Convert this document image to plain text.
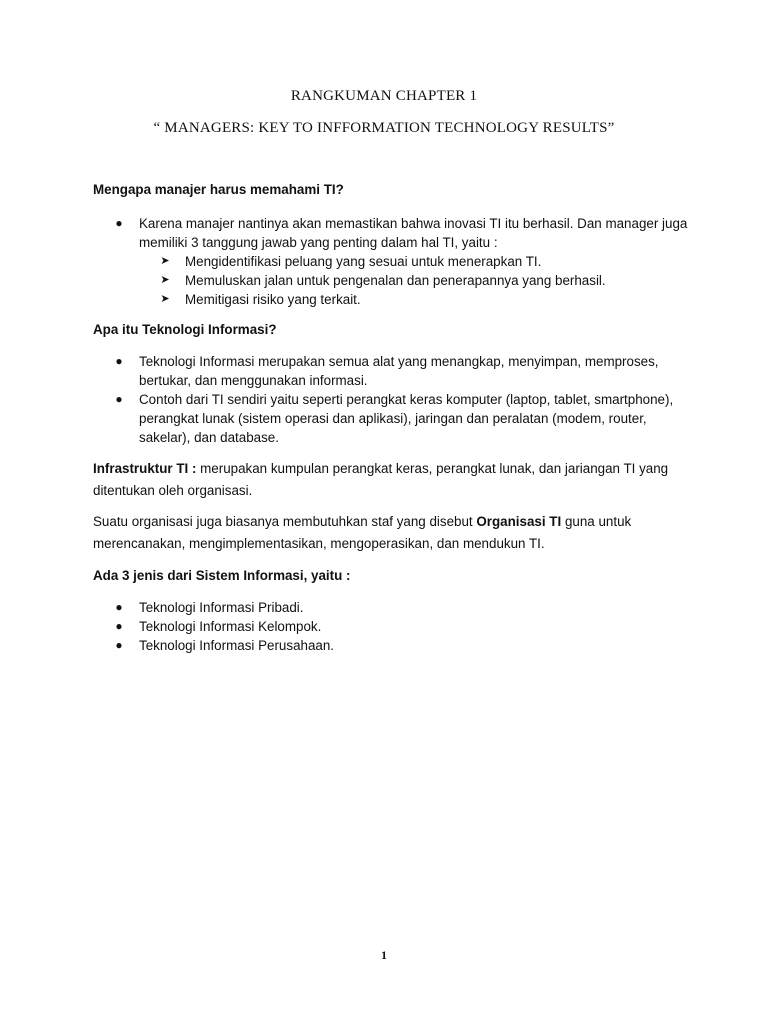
RANGKUMAN CHAPTER 1
“ MANAGERS: KEY TO INFFORMATION TECHNOLOGY RESULTS”
Mengapa manajer harus memahami TI?
● Karena manajer nantinya akan memastikan bahwa inovasi TI itu berhasil. Dan manager juga memiliki 3 tanggung jawab yang penting dalam hal TI, yaitu :
➤ Mengidentifikasi peluang yang sesuai untuk menerapkan TI.
➤ Memuluskan jalan untuk pengenalan dan penerapannya yang berhasil.
➤ Memitigasi risiko yang terkait.
Apa itu Teknologi Informasi?
● Teknologi Informasi merupakan semua alat yang menangkap, menyimpan, memproses, bertukar, dan menggunakan informasi.
● Contoh dari TI sendiri yaitu seperti perangkat keras komputer (laptop, tablet, smartphone), perangkat lunak (sistem operasi dan aplikasi), jaringan dan peralatan (modem, router, sakelar), dan database.
Infrastruktur TI : merupakan kumpulan perangkat keras, perangkat lunak, dan jariangan TI yang ditentukan oleh organisasi.
Suatu organisasi juga biasanya membutuhkan staf yang disebut Organisasi TI guna untuk merencanakan, mengimplementasikan, mengoperasikan, dan mendukun TI.
Ada 3 jenis dari Sistem Informasi, yaitu :
● Teknologi Informasi Pribadi.
● Teknologi Informasi Kelompok.
● Teknologi Informasi Perusahaan.
1
